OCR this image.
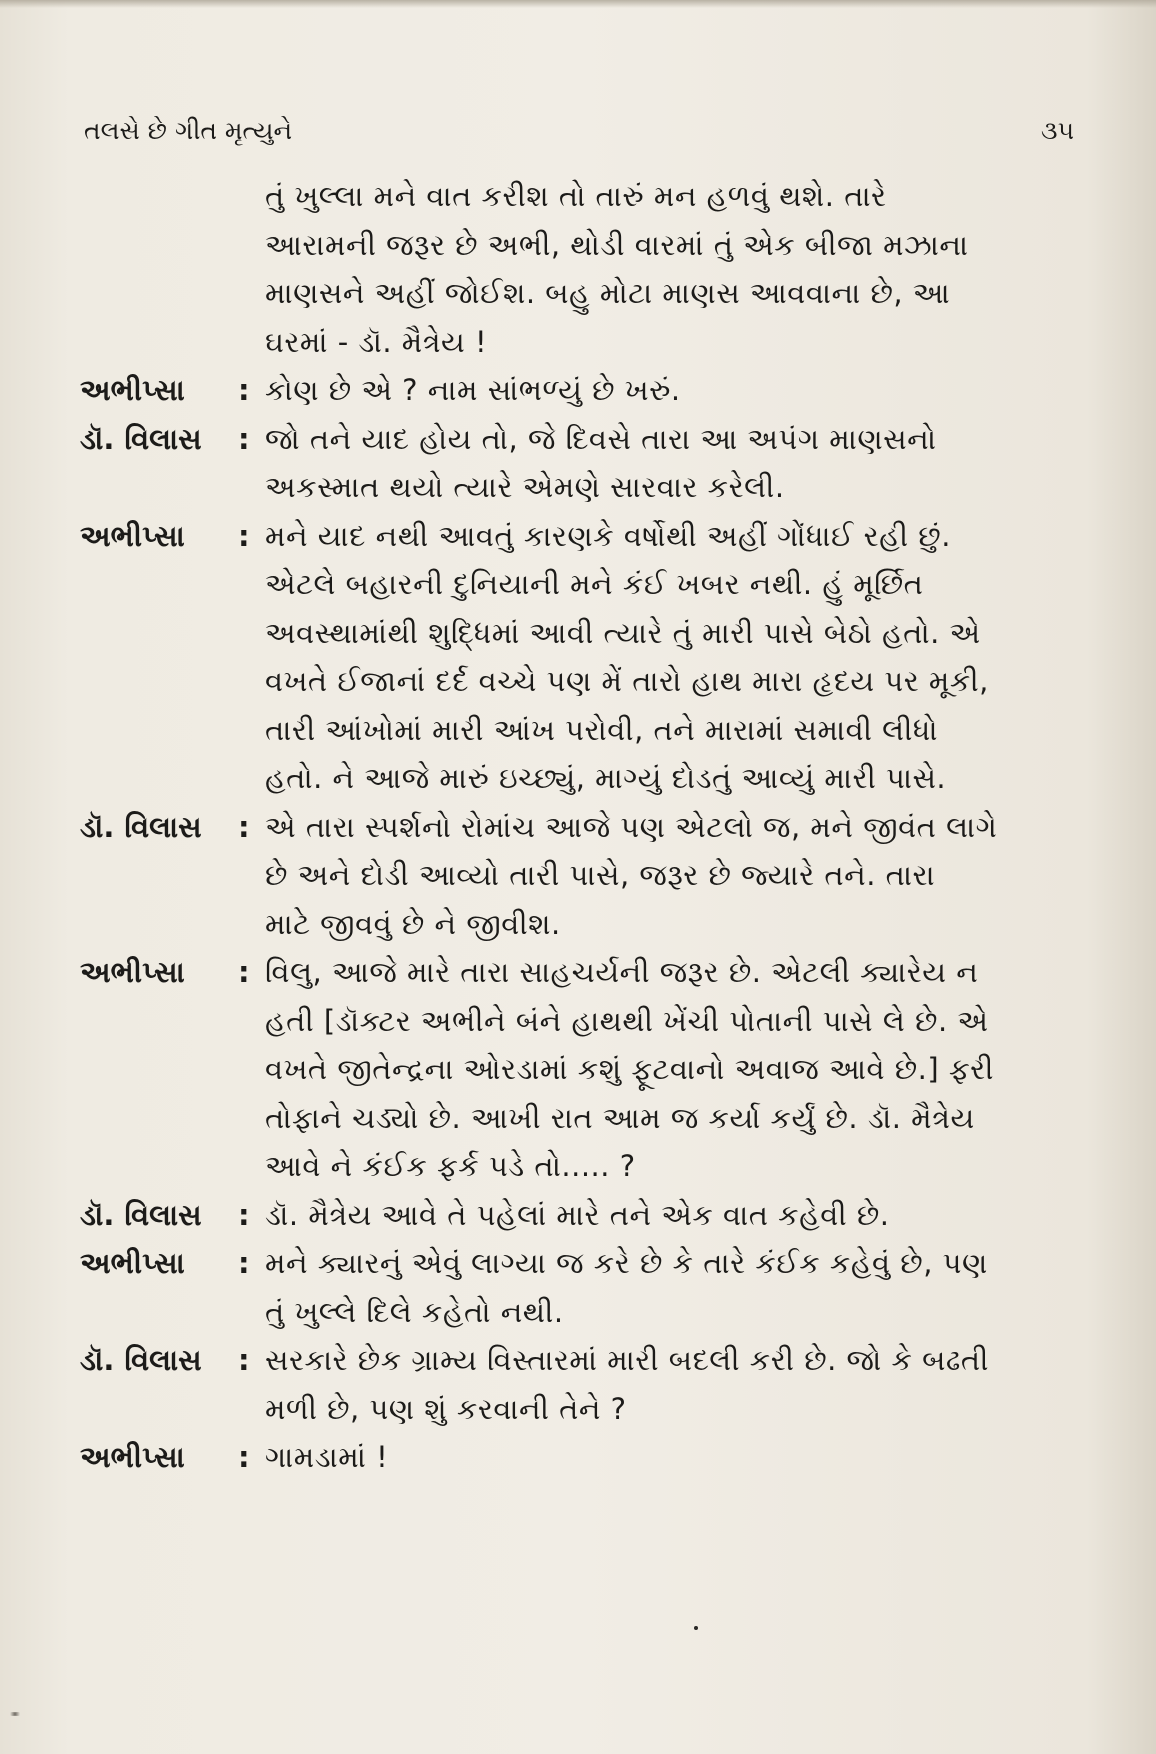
તલસે છે ગીત મૃત્યુને	૩૫
તું ખુલ્લા મને વાત કરીશ તો તારું મન હળવું થશે. તારે
આરામની જરૂર છે અભી, થોડી વારમાં તું એક બીજા મઝાના
માણસને અહીં જોઈશ. બહુ મોટા માણસ આવવાના છે, આ
ઘરમાં - ડૉ. મૈત્રેય !
અભીપ્સા : કોણ છે એ ? નામ સાંભળ્યું છે ખરું.
ડૉ. વિલાસ : જો તને યાદ હોય તો, જે દિવસે તારા આ અપંગ માણસનો
અકસ્માત થયો ત્યારે એમણે સારવાર કરેલી.
અભીપ્સા : મને યાદ નથી આવતું કારણકે વર્ષોથી અહીં ગોંધાઈ રહી છું.
એટલે બહારની દુનિયાની મને કંઈ ખબર નથી. હું મૂર્છિત
અવસ્થામાંથી શુદ્ધિમાં આવી ત્યારે તું મારી પાસે બેઠો હતો. એ
વખતે ઈજાનાં દર્દ વચ્ચે પણ મેં તારો હાથ મારા હૃદય પર મૂકી,
તારી આંખોમાં મારી આંખ પરોવી, તને મારામાં સમાવી લીધો
હતો. ને આજે મારું ઇચ્છ્યું, માગ્યું દોડતું આવ્યું મારી પાસે.
ડૉ. વિલાસ : એ તારા સ્પર્શનો રોમાંચ આજે પણ એટલો જ, મને જીવંત લાગે
છે અને દોડી આવ્યો તારી પાસે, જરૂર છે જ્યારે તને. તારા
માટે જીવવું છે ને જીવીશ.
અભીપ્સા : વિલુ, આજે મારે તારા સાહચર્યની જરૂર છે. એટલી ક્યારેય ન
હતી [ડૉક્ટર અભીને બંને હાથથી ખેંચી પોતાની પાસે લે છે. એ
વખતે જીતેન્દ્રના ઓરડામાં કશું ફૂટવાનો અવાજ આવે છે.] ફરી
તોફાને ચડ્યો છે. આખી રાત આમ જ કર્યા કર્યું છે. ડૉ. મૈત્રેય
આવે ને કંઈક ફર્ક પડે તો..... ?
ડૉ. વિલાસ : ડૉ. મૈત્રેય આવે તે પહેલાં મારે તને એક વાત કહેવી છે.
અભીપ્સા : મને ક્યારનું એવું લાગ્યા જ કરે છે કે તારે કંઈક કહેવું છે, પણ
તું ખુલ્લે દિલે કહેતો નથી.
ડૉ. વિલાસ : સરકારે છેક ગ્રામ્ય વિસ્તારમાં મારી બદલી કરી છે. જો કે બઢતી
મળી છે, પણ શું કરવાની તેને ?
અભીપ્સા : ગામડામાં !
